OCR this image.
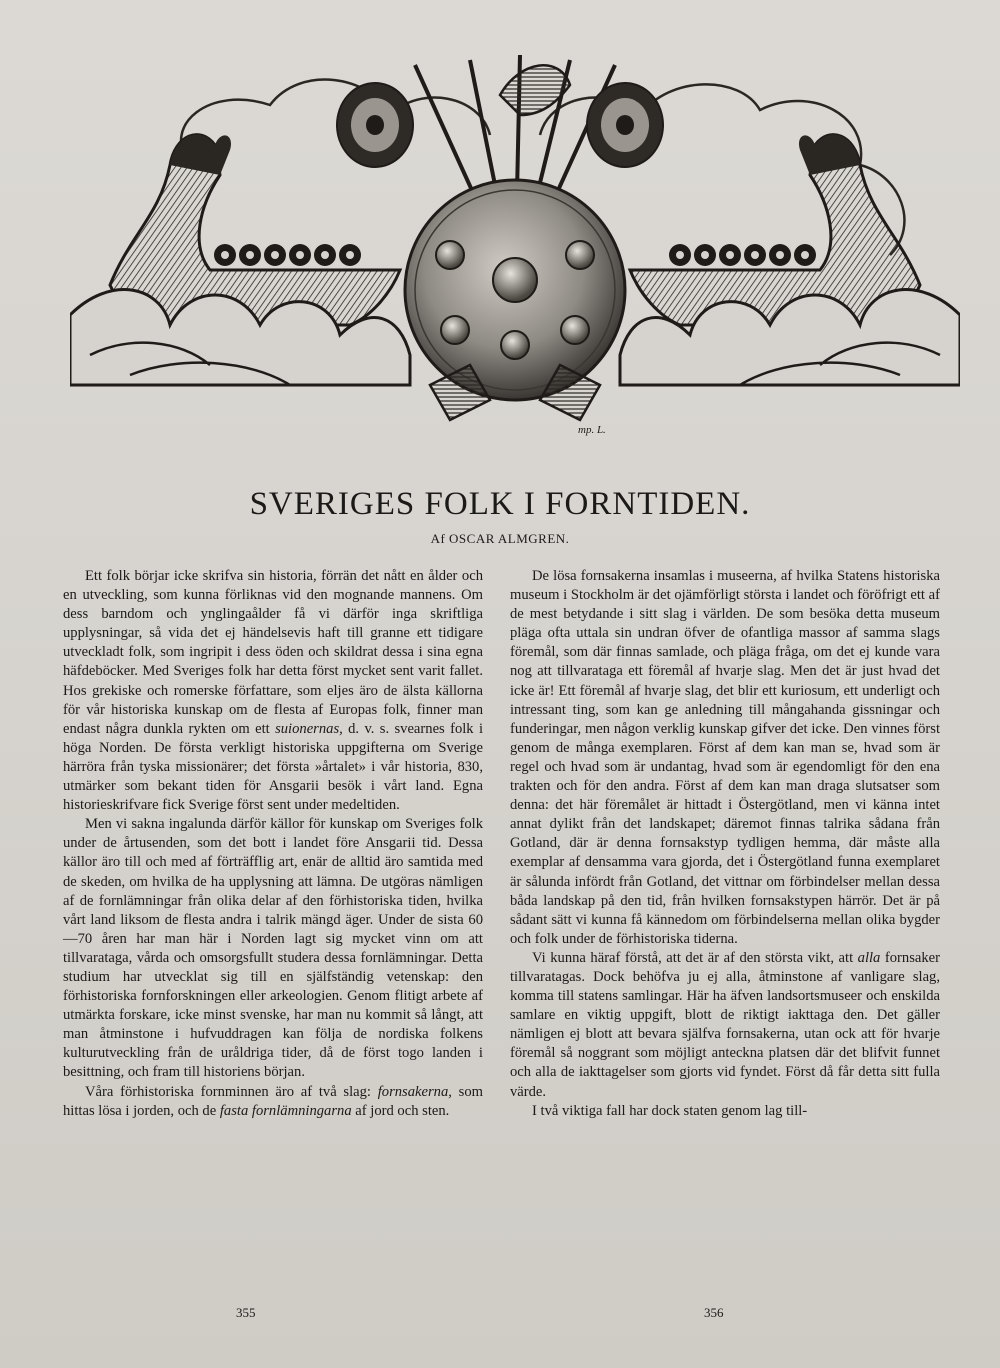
mp. L.
SVERIGES FOLK I FORNTIDEN.
Af OSCAR ALMGREN.

Ett folk börjar icke skrifva sin historia, förrän det nått en ålder och en utveckling, som kunna förliknas vid den mognande mannens. Om dess barndom och ynglingaålder få vi därför inga skriftliga upplysningar, så vida det ej händelsevis haft till granne ett tidigare utveckladt folk, som ingripit i dess öden och skildrat dessa i sina egna häfdeböcker. Med Sveriges folk har detta först mycket sent varit fallet. Hos grekiske och romerske författare, som eljes äro de älsta källorna för vår historiska kunskap om de flesta af Europas folk, finner man endast några dunkla rykten om ett suionernas, d. v. s. svearnes folk i höga Norden. De första verkligt historiska uppgifterna om Sverige härröra från tyska missionärer; det första »årtalet» i vår historia, 830, utmärker som bekant tiden för Ansgarii besök i vårt land. Egna historieskrifvare fick Sverige först sent under medeltiden.

Men vi sakna ingalunda därför källor för kunskap om Sveriges folk under de årtusenden, som det bott i landet före Ansgarii tid. Dessa källor äro till och med af förträfflig art, enär de alltid äro samtida med de skeden, om hvilka de ha upplysning att lämna. De utgöras nämligen af de fornlämningar från olika delar af den förhistoriska tiden, hvilka vårt land liksom de flesta andra i talrik mängd äger. Under de sista 60—70 åren har man här i Norden lagt sig mycket vinn om att tillvarataga, vårda och omsorgsfullt studera dessa fornlämningar. Detta studium har utvecklat sig till en själfständig vetenskap: den förhistoriska fornforskningen eller arkeologien. Genom flitigt arbete af utmärkta forskare, icke minst svenske, har man nu kommit så långt, att man åtminstone i hufvuddragen kan följa de nordiska folkens kulturutveckling från de uråldriga tider, då de först togo landen i besittning, och fram till historiens början.

Våra förhistoriska fornminnen äro af två slag: fornsakerna, som hittas lösa i jorden, och de fasta fornlämningarna af jord och sten.

De lösa fornsakerna insamlas i museerna, af hvilka Statens historiska museum i Stockholm är det ojämförligt största i landet och föröfrigt ett af de mest betydande i sitt slag i världen. De som besöka detta museum pläga ofta uttala sin undran öfver de ofantliga massor af samma slags föremål, som där finnas samlade, och pläga fråga, om det ej kunde vara nog att tillvarataga ett föremål af hvarje slag. Men det är just hvad det icke är! Ett föremål af hvarje slag, det blir ett kuriosum, ett underligt och intressant ting, som kan ge anledning till mångahanda gissningar och funderingar, men någon verklig kunskap gifver det icke. Den vinnes först genom de många exemplaren. Först af dem kan man se, hvad som är regel och hvad som är undantag, hvad som är egendomligt för den ena trakten och för den andra. Först af dem kan man draga slutsatser som denna: det här föremålet är hittadt i Östergötland, men vi känna intet annat dylikt från det landskapet; däremot finnas talrika sådana från Gotland, där är denna fornsakstyp tydligen hemma, där måste alla exemplar af densamma vara gjorda, det i Östergötland funna exemplaret är sålunda infördt från Gotland, det vittnar om förbindelser mellan dessa båda landskap på den tid, från hvilken fornsakstypen härrör. Det är på sådant sätt vi kunna få kännedom om förbindelserna mellan olika bygder och folk under de förhistoriska tiderna.

Vi kunna häraf förstå, att det är af den största vikt, att alla fornsaker tillvaratagas. Dock behöfva ju ej alla, åtminstone af vanligare slag, komma till statens samlingar. Här ha äfven landsortsmuseer och enskilda samlare en viktig uppgift, blott de riktigt iakttaga den. Det gäller nämligen ej blott att bevara själfva fornsakerna, utan ock att för hvarje föremål så noggrant som möjligt anteckna platsen där det blifvit funnet och alla de iakttagelser som gjorts vid fyndet. Först då får detta sitt fulla värde.

I två viktiga fall har dock staten genom lag till-

355	356
